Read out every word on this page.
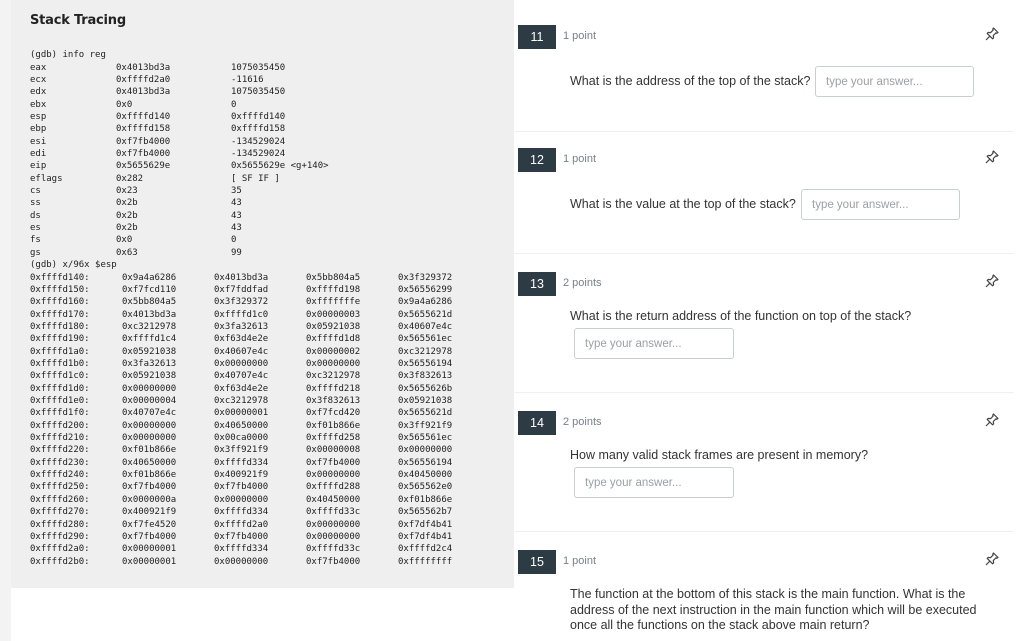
Stack Tracing
(gdb) info reg
eax	0x4013bd3a	1075035450
ecx	0xffffd2a0	-11616
edx	0x4013bd3a	1075035450
ebx	0x0	0
esp	0xffffd140	0xffffd140
ebp	0xffffd158	0xffffd158
esi	0xf7fb4000	-134529024
edi	0xf7fb4000	-134529024
eip	0x5655629e	0x5655629e <g+140>
eflags	0x282	[ SF IF ]
cs	0x23	35
ss	0x2b	43
ds	0x2b	43
es	0x2b	43
fs	0x0	0
gs	0x63	99
(gdb) x/96x $esp
0xffffd140:	0x9a4a6286	0x4013bd3a	0x5bb804a5	0x3f329372
0xffffd150:	0xf7fcd110	0xf7fddfad	0xffffd198	0x56556299
0xffffd160:	0x5bb804a5	0x3f329372	0xfffffffe	0x9a4a6286
0xffffd170:	0x4013bd3a	0xffffd1c0	0x00000003	0x5655621d
0xffffd180:	0xc3212978	0x3fa32613	0x05921038	0x40607e4c
0xffffd190:	0xffffd1c4	0xf63d4e2e	0xffffd1d8	0x565561ec
0xffffd1a0:	0x05921038	0x40607e4c	0x00000002	0xc3212978
0xffffd1b0:	0x3fa32613	0x00000000	0x00000000	0x56556194
0xffffd1c0:	0x05921038	0x40707e4c	0xc3212978	0x3f832613
0xffffd1d0:	0x00000000	0xf63d4e2e	0xffffd218	0x5655626b
0xffffd1e0:	0x00000004	0xc3212978	0x3f832613	0x05921038
0xffffd1f0:	0x40707e4c	0x00000001	0xf7fcd420	0x5655621d
0xffffd200:	0x00000000	0x40650000	0xf01b866e	0x3ff921f9
0xffffd210:	0x00000000	0x00ca0000	0xffffd258	0x565561ec
0xffffd220:	0xf01b866e	0x3ff921f9	0x00000008	0x00000000
0xffffd230:	0x40650000	0xffffd334	0xf7fb4000	0x56556194
0xffffd240:	0xf01b866e	0x400921f9	0x00000000	0x40450000
0xffffd250:	0xf7fb4000	0xf7fb4000	0xffffd288	0x565562e0
0xffffd260:	0x0000000a	0x00000000	0x40450000	0xf01b866e
0xffffd270:	0x400921f9	0xffffd334	0xffffd33c	0x565562b7
0xffffd280:	0xf7fe4520	0xffffd2a0	0x00000000	0xf7df4b41
0xffffd290:	0xf7fb4000	0xf7fb4000	0x00000000	0xf7df4b41
0xffffd2a0:	0x00000001	0xffffd334	0xffffd33c	0xffffd2c4
0xffffd2b0:	0x00000001	0x00000000	0xf7fb4000	0xffffffff
11	1 point
What is the address of the top of the stack?
type your answer...
12	1 point
What is the value at the top of the stack?
type your answer...
13	2 points
What is the return address of the function on top of the stack?
type your answer...
14	2 points
How many valid stack frames are present in memory?
type your answer...
15	1 point
The function at the bottom of this stack is the main function. What is the
address of the next instruction in the main function which will be executed
once all the functions on the stack above main return?
